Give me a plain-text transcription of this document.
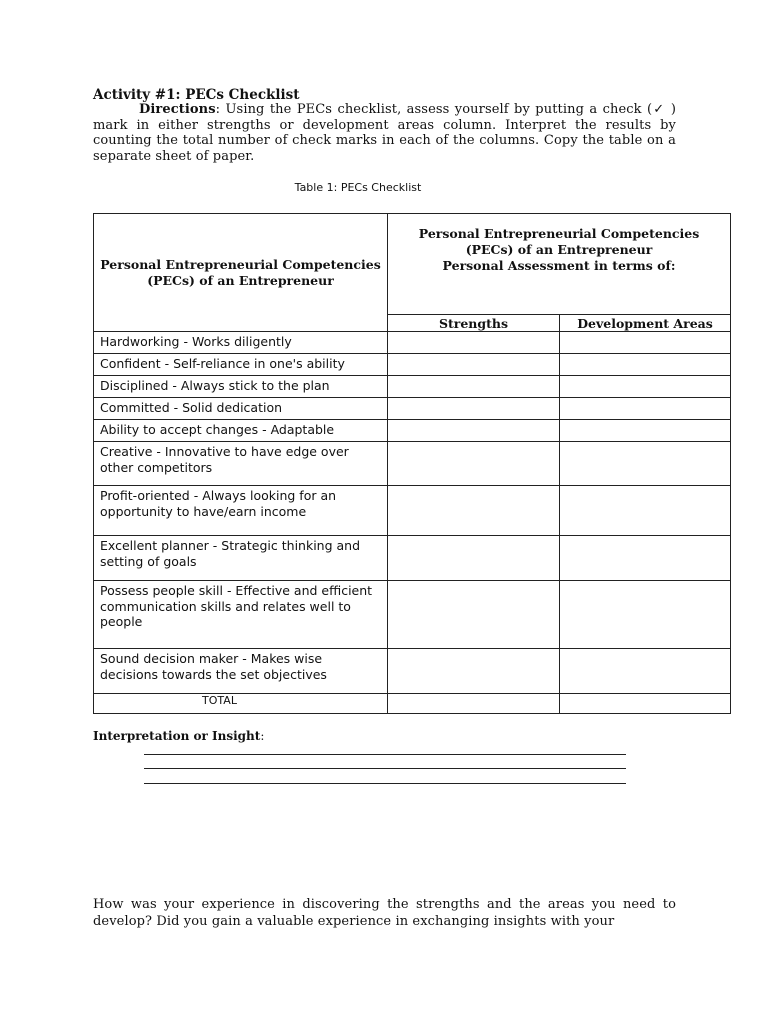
Activity #1: PECs Checklist
Directions: Using the PECs checklist, assess yourself by putting a check (✓ ) mark in either strengths or development areas column. Interpret the results by counting the total number of check marks in each of the columns. Copy the table on a separate sheet of paper.
Table 1: PECs Checklist
Personal Entrepreneurial Competencies (PECs) of an Entrepreneur	Personal Entrepreneurial Competencies
(PECs) of an Entrepreneur
Personal Assessment in terms of:	

	Strengths	Development Areas
Hardworking - Works diligently		
Confident - Self-reliance in one's ability		
Disciplined - Always stick to the plan		
Committed - Solid dedication		
Ability to accept changes - Adaptable		
Creative - Innovative to have edge over other competitors		
Profit-oriented - Always looking for an opportunity to have/earn income		
Excellent planner - Strategic thinking and setting of goals		
Possess people skill - Effective and efficient communication skills and relates well to people		
Sound decision maker - Makes wise decisions towards the set objectives		
TOTAL		
Interpretation or Insight:
How was your experience in discovering the strengths and the areas you need to develop? Did you gain a valuable experience in exchanging insights with your
